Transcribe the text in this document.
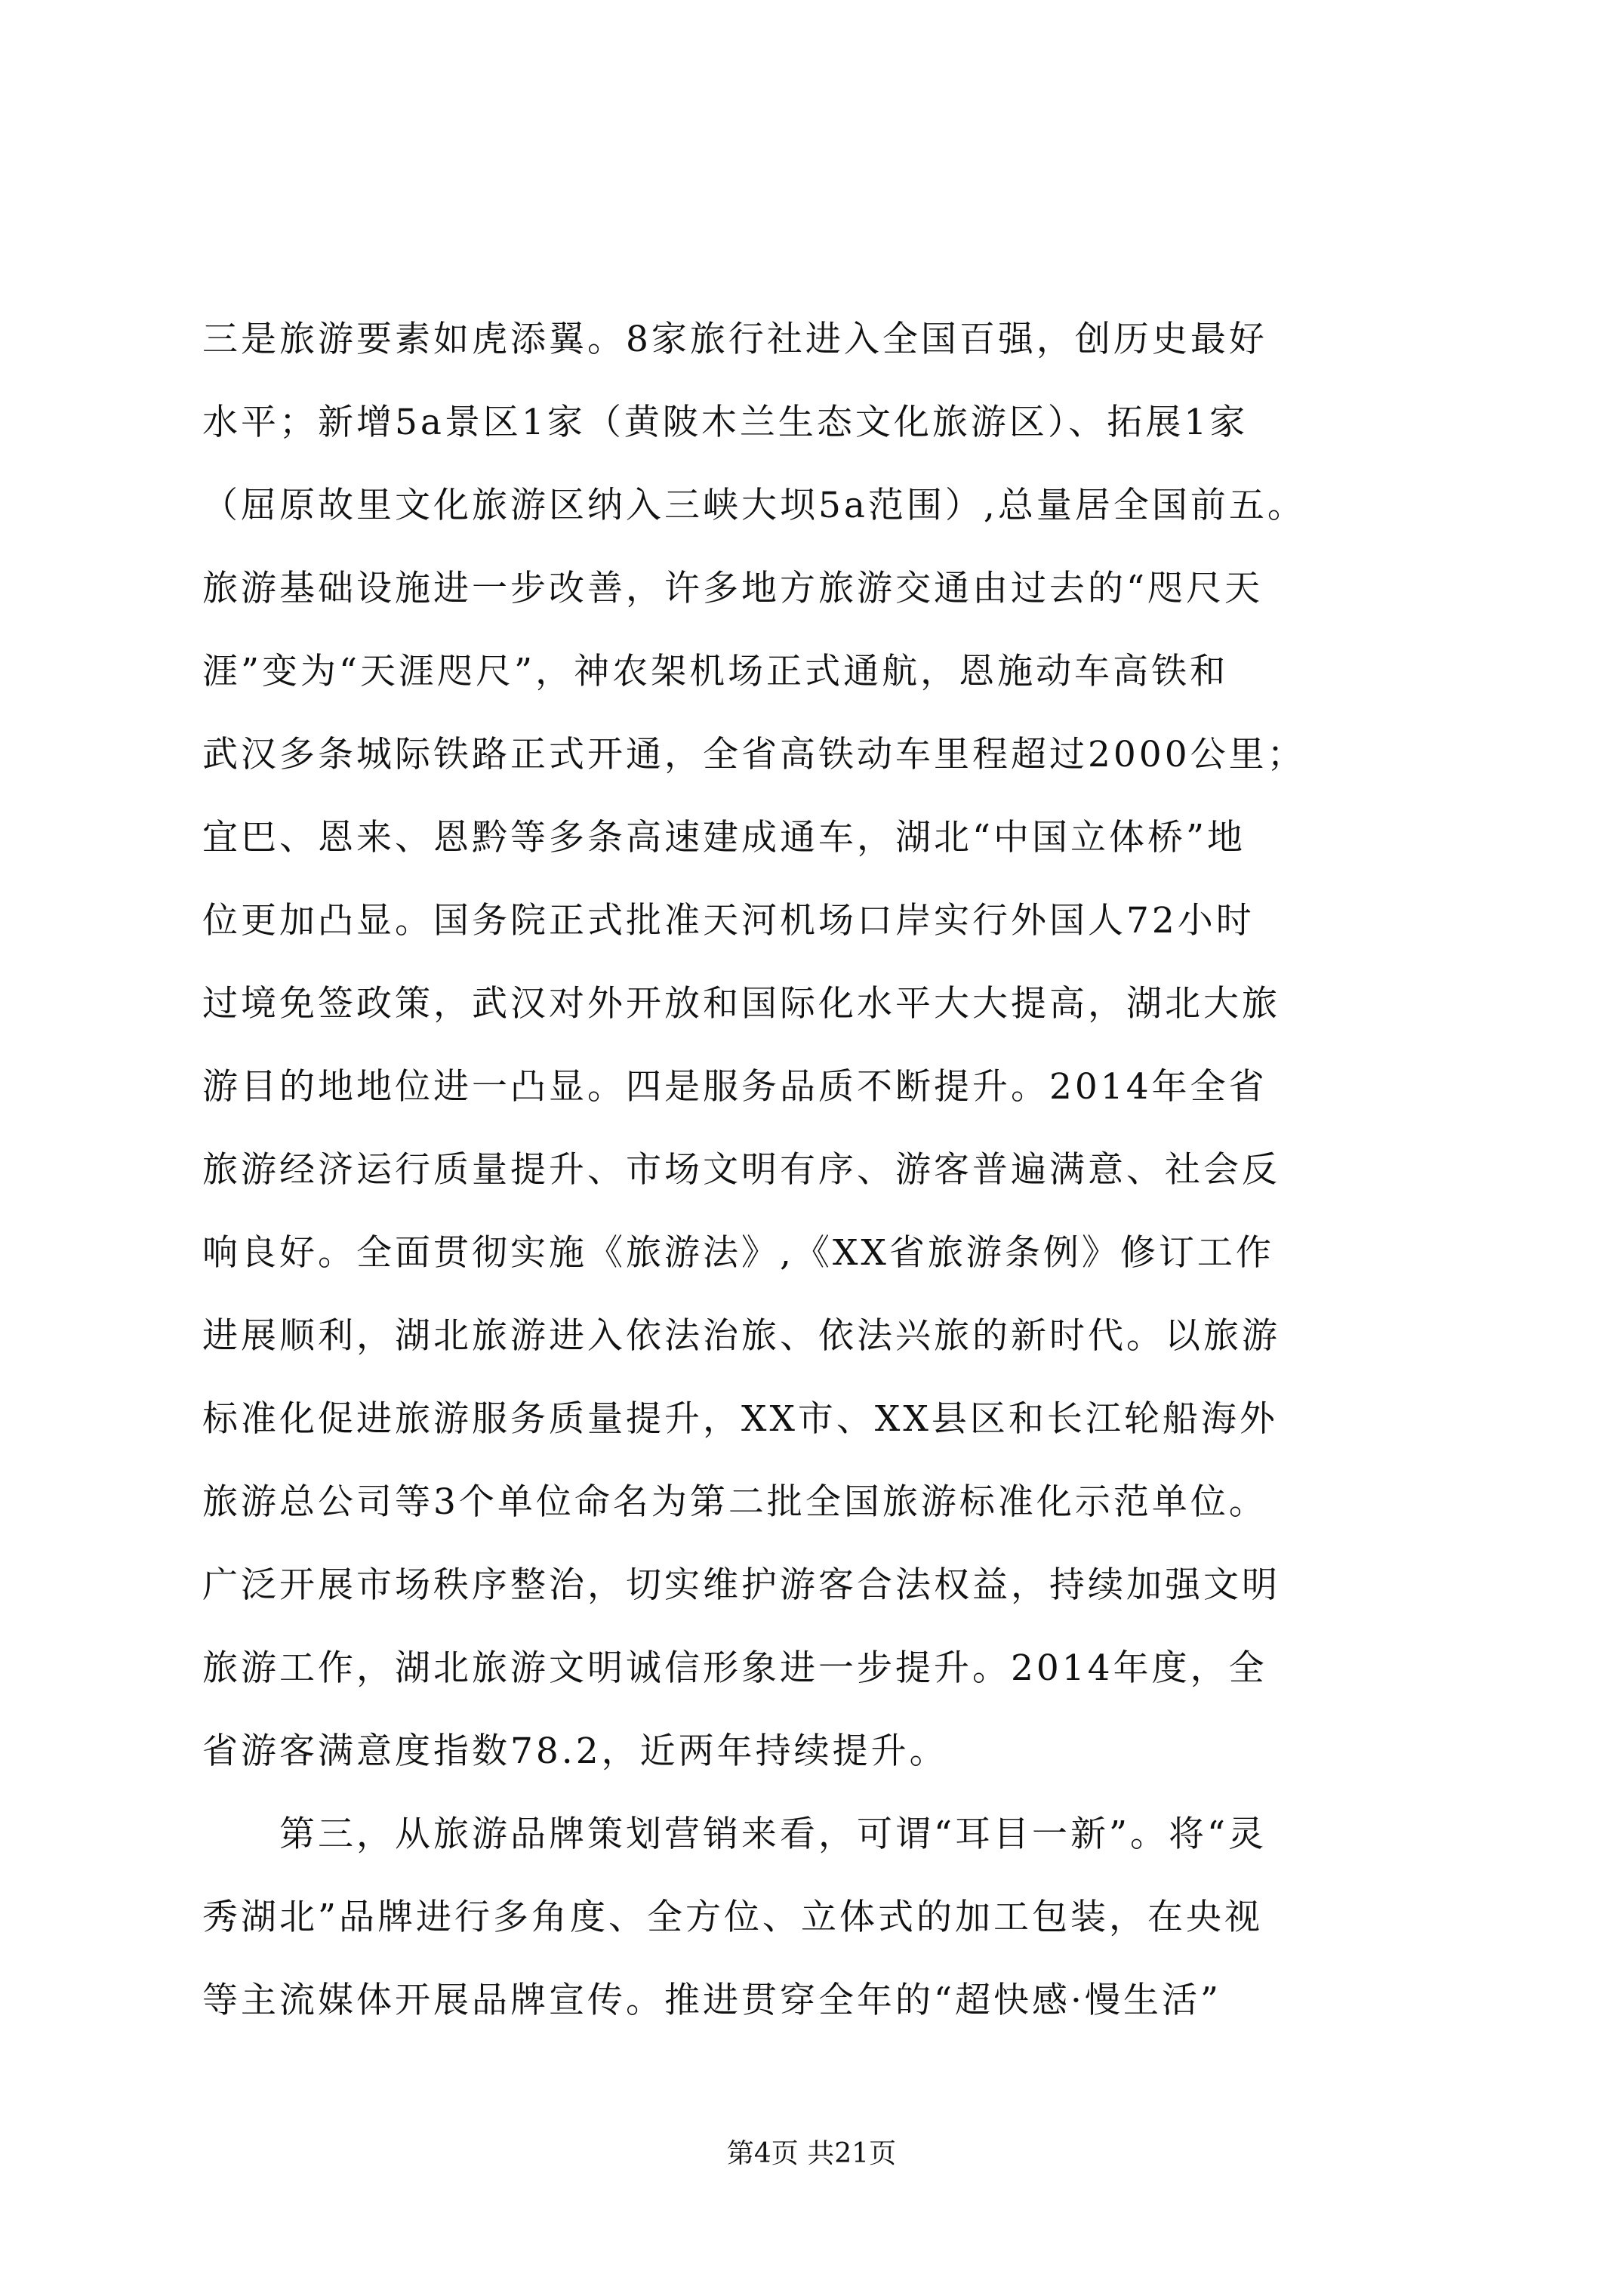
三是旅游要素如虎添翼。8家旅行社进入全国百强，创历史最好
水平；新增5a景区1家（黄陂木兰生态文化旅游区）、拓展1家
（屈原故里文化旅游区纳入三峡大坝5a范围）,总量居全国前五。
旅游基础设施进一步改善，许多地方旅游交通由过去的“咫尺天
涯”变为“天涯咫尺”，神农架机场正式通航，恩施动车高铁和
武汉多条城际铁路正式开通，全省高铁动车里程超过2000公里；
宜巴、恩来、恩黔等多条高速建成通车，湖北“中国立体桥”地
位更加凸显。国务院正式批准天河机场口岸实行外国人72小时
过境免签政策，武汉对外开放和国际化水平大大提高，湖北大旅
游目的地地位进一凸显。四是服务品质不断提升。2014年全省
旅游经济运行质量提升、市场文明有序、游客普遍满意、社会反
响良好。全面贯彻实施《旅游法》,《XX省旅游条例》修订工作
进展顺利，湖北旅游进入依法治旅、依法兴旅的新时代。以旅游
标准化促进旅游服务质量提升，XX市、XX县区和长江轮船海外
旅游总公司等3个单位命名为第二批全国旅游标准化示范单位。
广泛开展市场秩序整治，切实维护游客合法权益，持续加强文明
旅游工作，湖北旅游文明诚信形象进一步提升。2014年度，全
省游客满意度指数78.2，近两年持续提升。
　　第三，从旅游品牌策划营销来看，可谓“耳目一新”。将“灵
秀湖北”品牌进行多角度、全方位、立体式的加工包装，在央视
等主流媒体开展品牌宣传。推进贯穿全年的“超快感·慢生活”
第4页 共21页
